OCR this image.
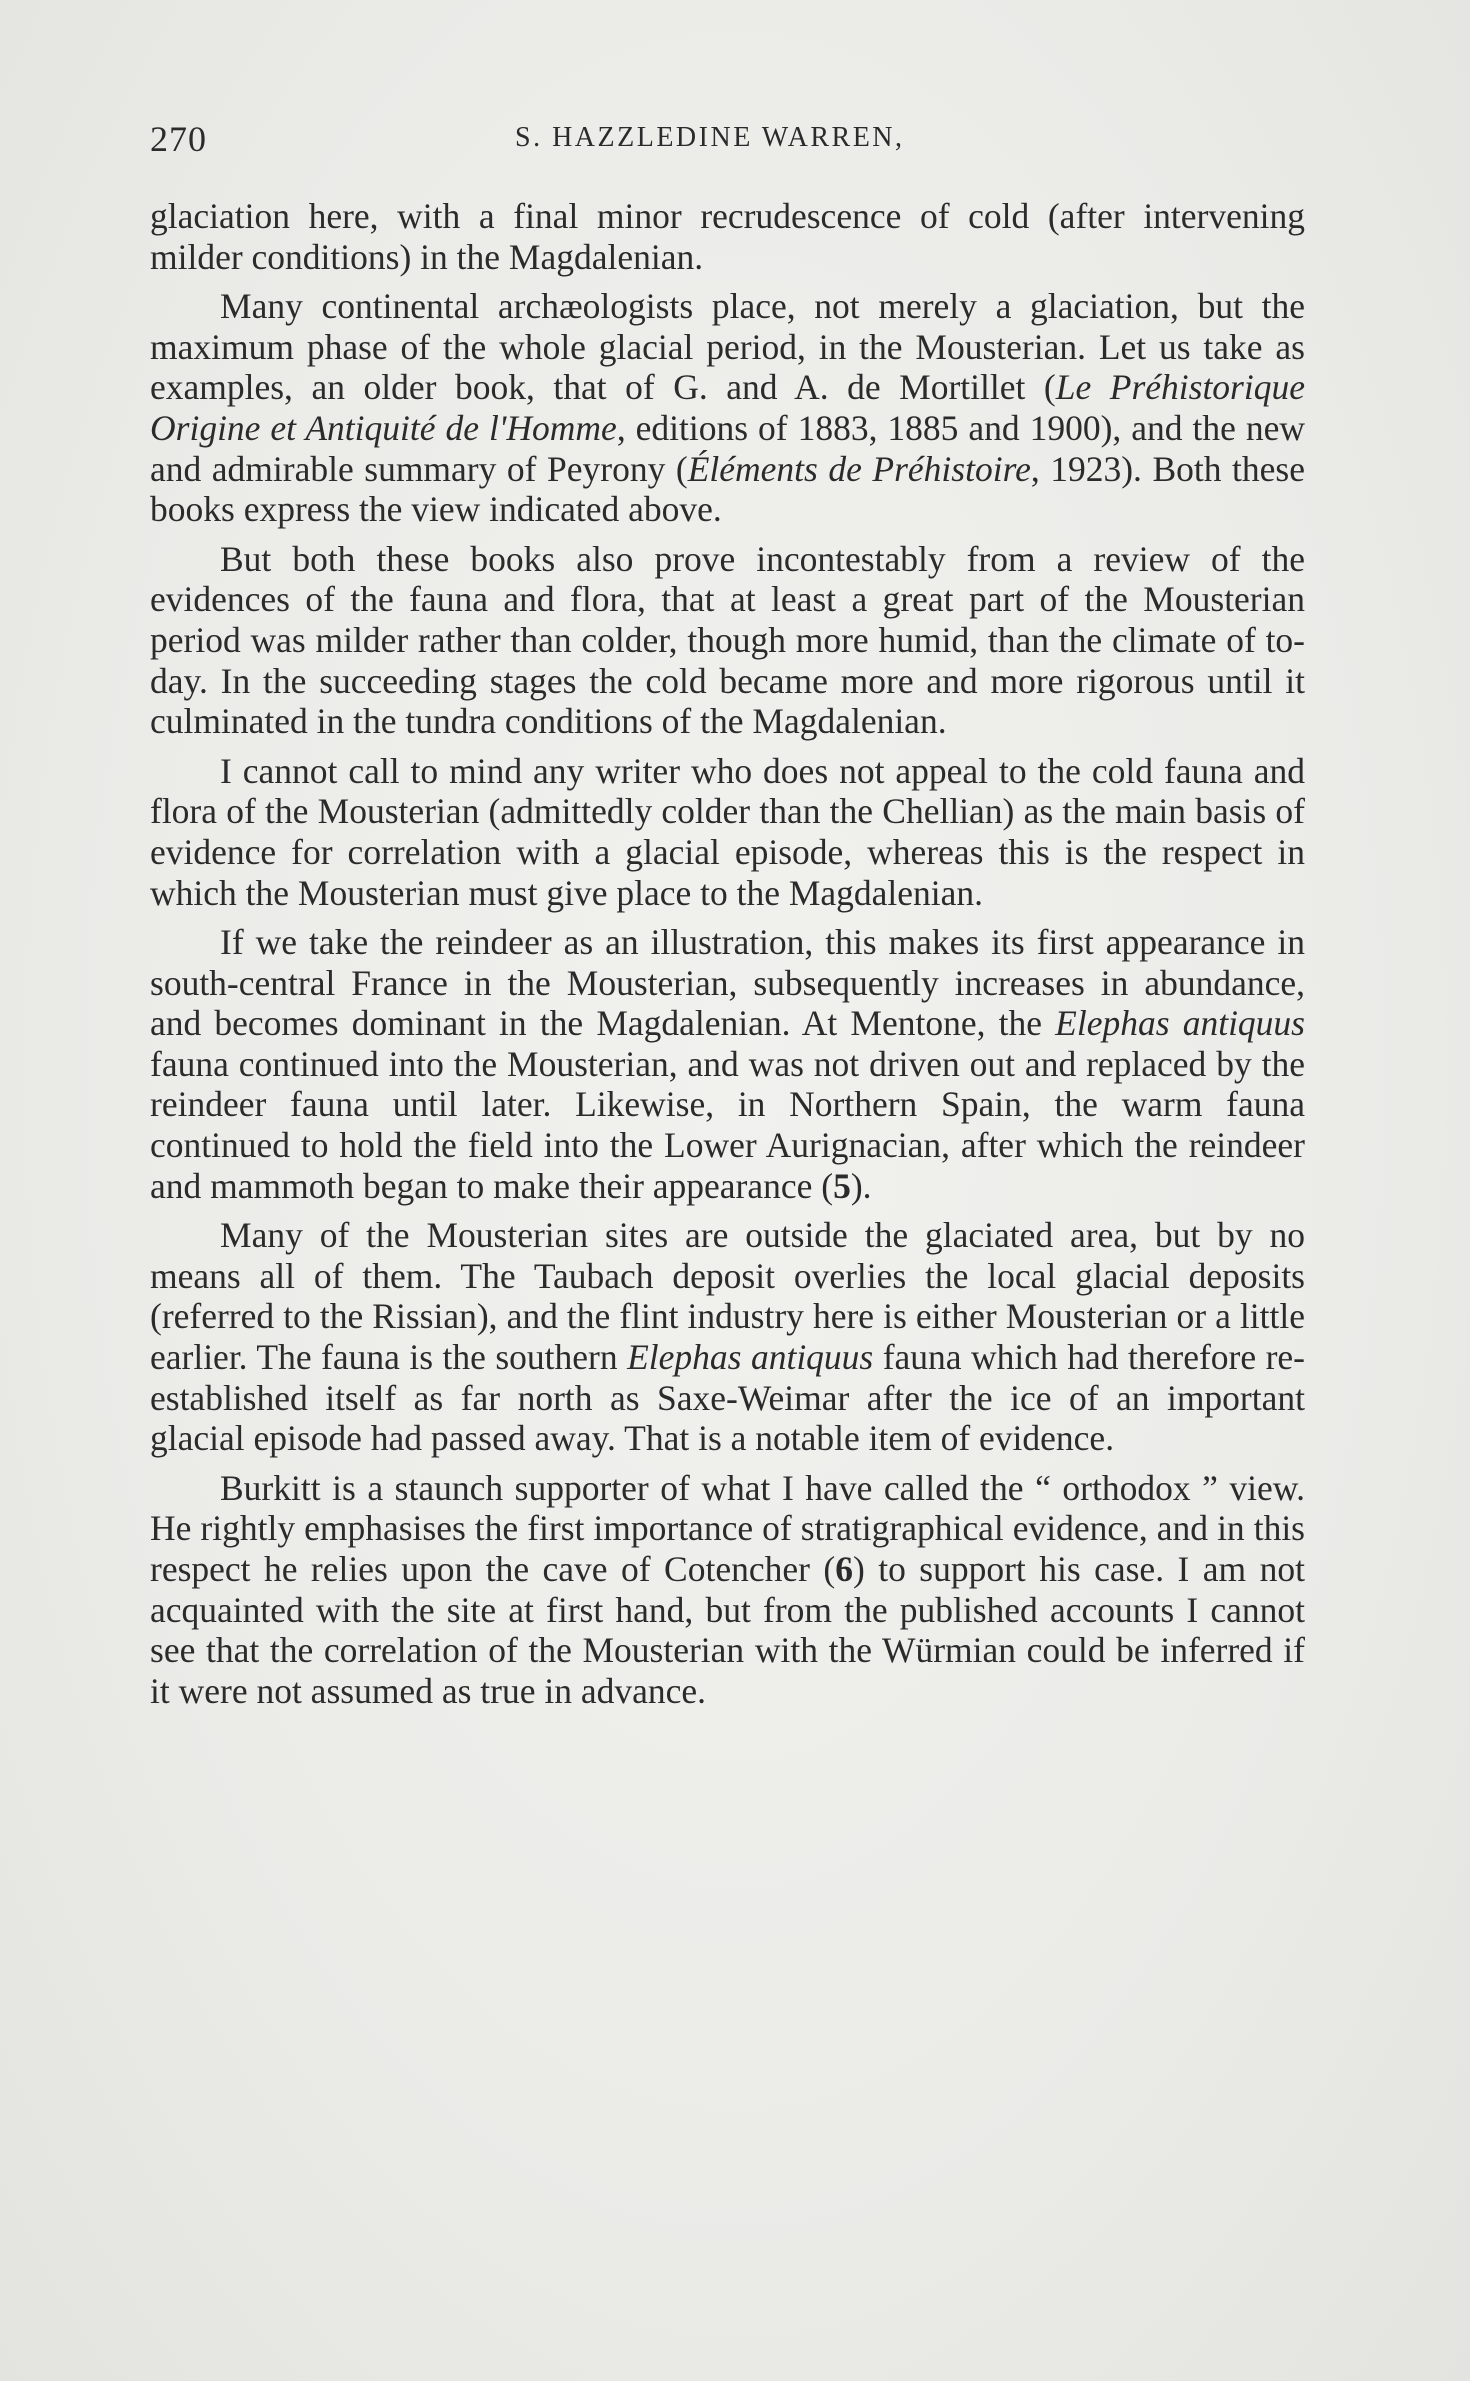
270	S. HAZZLEDINE WARREN,

glaciation here, with a final minor recrudescence of cold (after intervening milder conditions) in the Magdalenian.

Many continental archæologists place, not merely a glaciation, but the maximum phase of the whole glacial period, in the Mousterian. Let us take as examples, an older book, that of G. and A. de Mortillet (Le Préhistorique Origine et Antiquité de l'Homme, editions of 1883, 1885 and 1900), and the new and admirable summary of Peyrony (Éléments de Préhistoire, 1923). Both these books express the view indicated above.

But both these books also prove incontestably from a review of the evidences of the fauna and flora, that at least a great part of the Mousterian period was milder rather than colder, though more humid, than the climate of to-day. In the succeeding stages the cold became more and more rigorous until it culminated in the tundra conditions of the Magdalenian.

I cannot call to mind any writer who does not appeal to the cold fauna and flora of the Mousterian (admittedly colder than the Chellian) as the main basis of evidence for correlation with a glacial episode, whereas this is the respect in which the Mousterian must give place to the Magdalenian.

If we take the reindeer as an illustration, this makes its first appearance in south-central France in the Mousterian, subsequently increases in abundance, and becomes dominant in the Magdalenian. At Mentone, the Elephas antiquus fauna continued into the Mousterian, and was not driven out and replaced by the reindeer fauna until later. Likewise, in Northern Spain, the warm fauna continued to hold the field into the Lower Aurignacian, after which the reindeer and mammoth began to make their appearance (5).

Many of the Mousterian sites are outside the glaciated area, but by no means all of them. The Taubach deposit overlies the local glacial deposits (referred to the Rissian), and the flint industry here is either Mousterian or a little earlier. The fauna is the southern Elephas antiquus fauna which had therefore reestablished itself as far north as Saxe-Weimar after the ice of an important glacial episode had passed away. That is a notable item of evidence.

Burkitt is a staunch supporter of what I have called the “ orthodox ” view. He rightly emphasises the first importance of stratigraphical evidence, and in this respect he relies upon the cave of Cotencher (6) to support his case. I am not acquainted with the site at first hand, but from the published accounts I cannot see that the correlation of the Mousterian with the Würmian could be inferred if it were not assumed as true in advance.
